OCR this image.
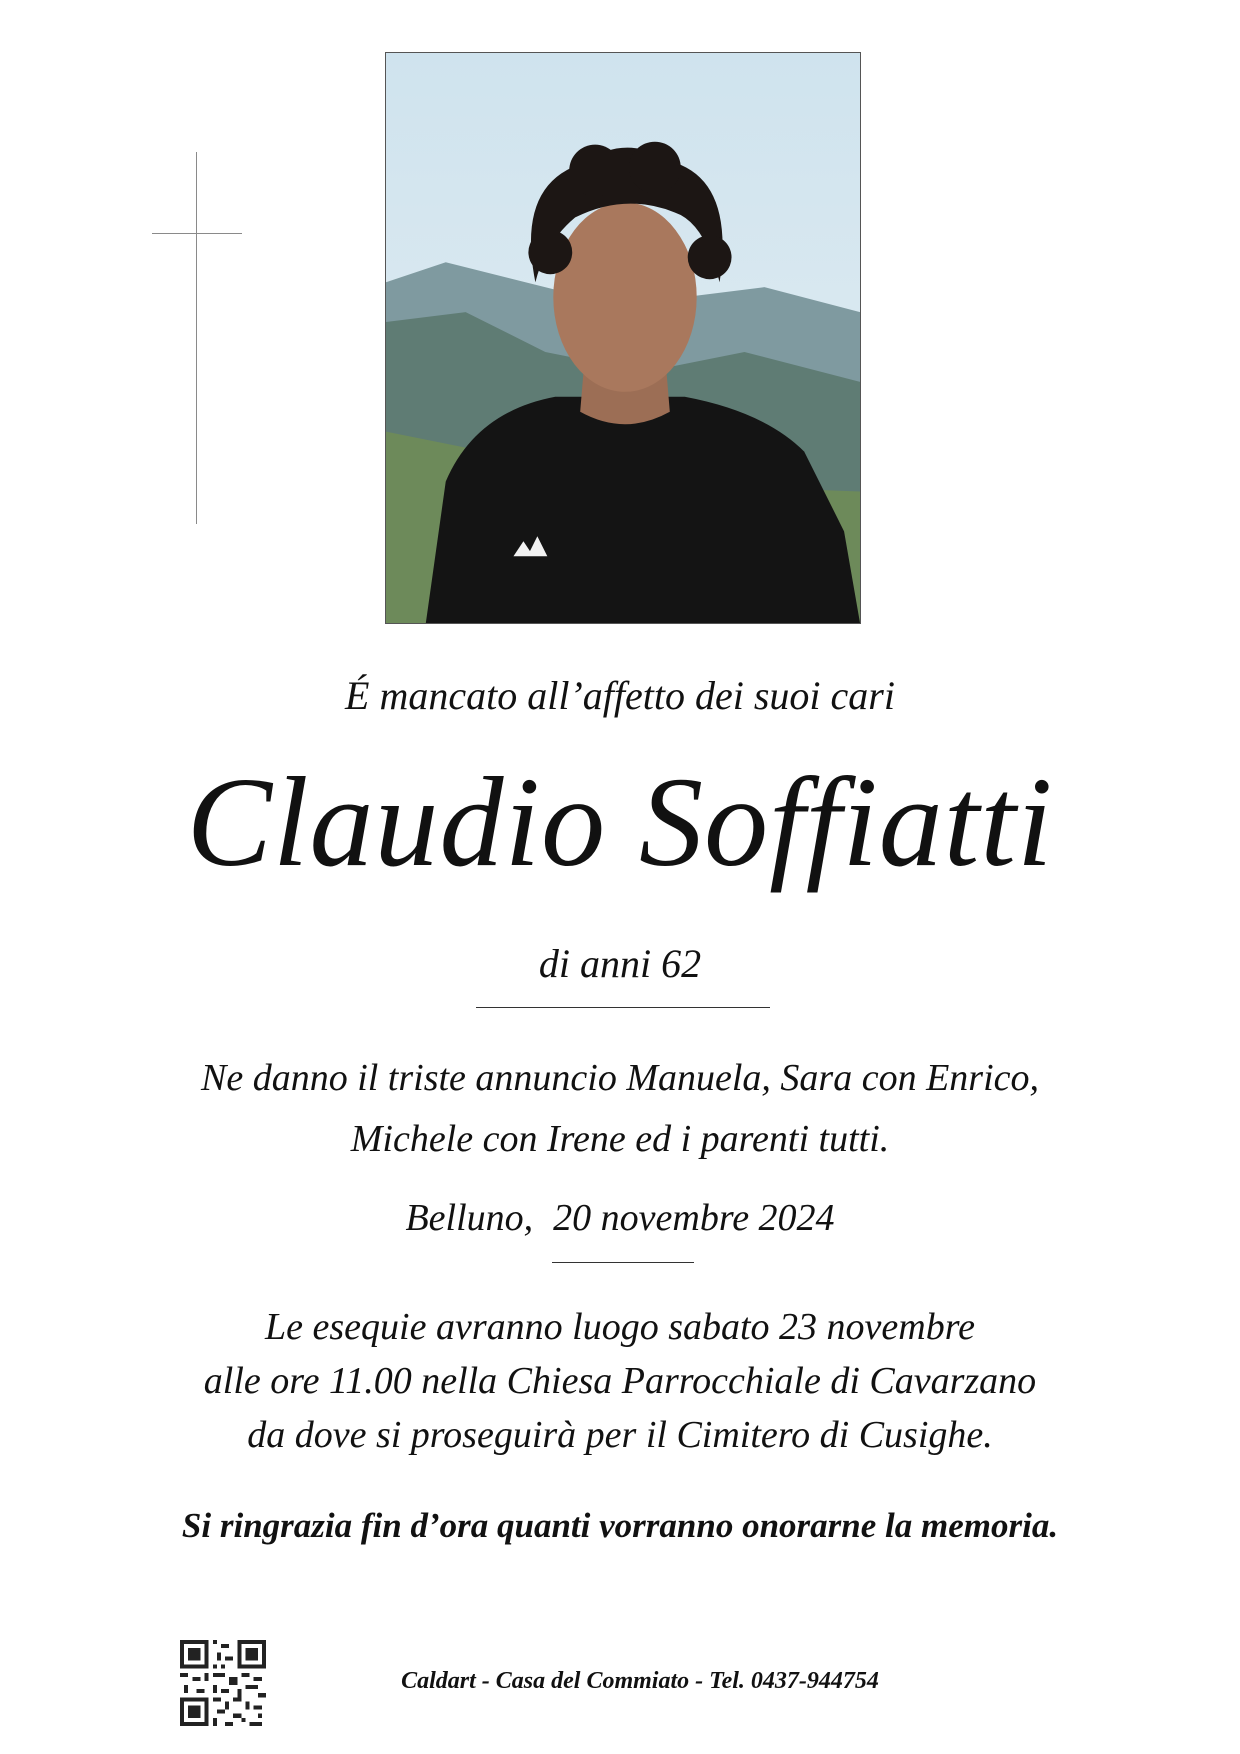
É mancato all’affetto dei suoi cari
Claudio Soffiatti
di anni 62
Ne danno il triste annuncio Manuela, Sara con Enrico,
Michele con Irene ed i parenti tutti.
Belluno, 20 novembre 2024
Le esequie avranno luogo sabato 23 novembre
alle ore 11.00 nella Chiesa Parrocchiale di Cavarzano
da dove si proseguirà per il Cimitero di Cusighe.
Si ringrazia fin d’ora quanti vorranno onorarne la memoria.
Caldart - Casa del Commiato - Tel. 0437-944754
